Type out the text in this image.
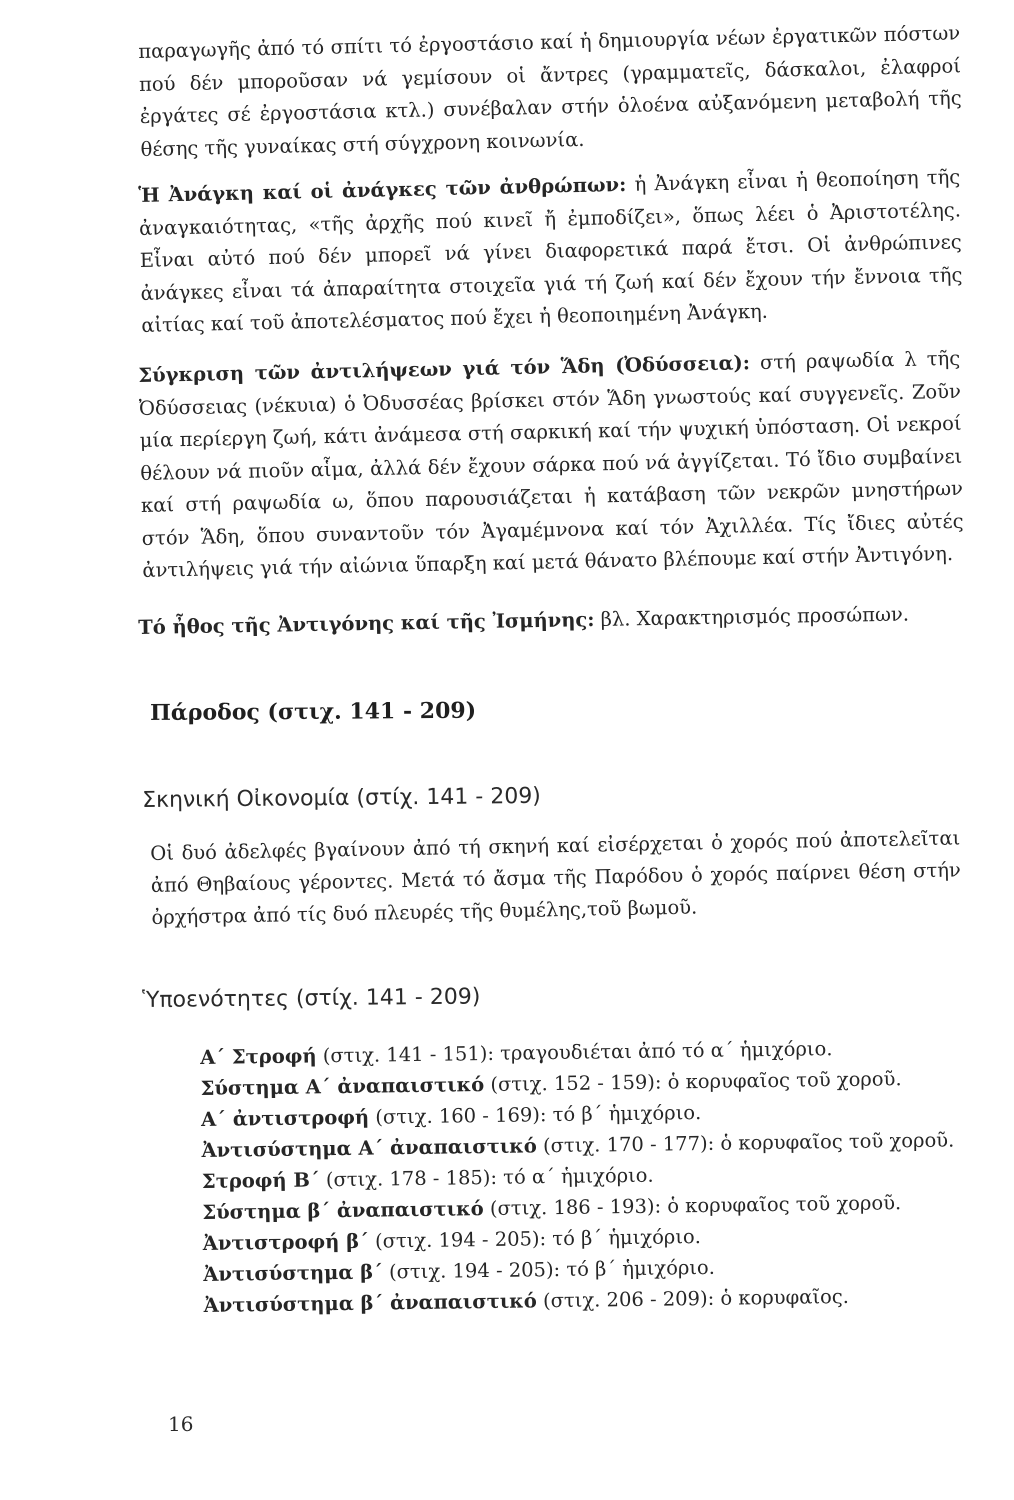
παραγωγῆς ἀπό τό σπίτι τό ἐργοστάσιο καί ἡ δημιουργία νέων ἐργατικῶν πόστων πού δέν μποροῦσαν νά γεμίσουν οἱ ἄντρες (γραμματεῖς, δάσκαλοι, ἐλαφροί ἐργάτες σέ ἐργοστάσια κτλ.) συνέβαλαν στήν ὁλοένα αὐξανόμενη μεταβολή τῆς θέσης τῆς γυναίκας στή σύγχρονη κοινωνία.

Ἡ Ἀνάγκη καί οἱ ἀνάγκες τῶν ἀνθρώπων: ἡ Ἀνάγκη εἶναι ἡ θεοποίηση τῆς ἀναγκαιότητας, «τῆς ἀρχῆς πού κινεῖ ἤ ἐμποδίζει», ὅπως λέει ὁ Ἀριστοτέλης. Εἶναι αὐτό πού δέν μπορεῖ νά γίνει διαφορετικά παρά ἔτσι. Οἱ ἀνθρώπινες ἀνάγκες εἶναι τά ἀπαραίτητα στοιχεῖα γιά τή ζωή καί δέν ἔχουν τήν ἔννοια τῆς αἰτίας καί τοῦ ἀποτελέσματος πού ἔχει ἡ θεοποιημένη Ἀνάγκη.

Σύγκριση τῶν ἀντιλήψεων γιά τόν Ἅδη (Ὀδύσσεια): στή ραψωδία λ τῆς Ὀδύσσειας (νέκυια) ὁ Ὀδυσσέας βρίσκει στόν Ἅδη γνωστούς καί συγγενεῖς. Ζοῦν μία περίεργη ζωή, κάτι ἀνάμεσα στή σαρκική καί τήν ψυχική ὑπόσταση. Οἱ νεκροί θέλουν νά πιοῦν αἷμα, ἀλλά δέν ἔχουν σάρκα πού νά ἀγγίζεται. Τό ἴδιο συμβαίνει καί στή ραψωδία ω, ὅπου παρουσιάζεται ἡ κατάβαση τῶν νεκρῶν μνηστήρων στόν Ἅδη, ὅπου συναντοῦν τόν Ἀγαμέμνονα καί τόν Ἀχιλλέα. Τίς ἴδιες αὐτές ἀντιλήψεις γιά τήν αἰώνια ὕπαρξη καί μετά θάνατο βλέπουμε καί στήν Ἀντιγόνη.

Τό ἦθος τῆς Ἀντιγόνης καί τῆς Ἰσμήνης: βλ. Χαρακτηρισμός προσώπων.

Πάροδος (στιχ. 141 - 209)
Σκηνική Οἰκονομία (στίχ. 141 - 209)

Οἱ δυό ἀδελφές βγαίνουν ἀπό τή σκηνή καί εἰσέρχεται ὁ χορός πού ἀποτελεῖται ἀπό Θηβαίους γέροντες. Μετά τό ἄσμα τῆς Παρόδου ὁ χορός παίρνει θέση στήν ὀρχήστρα ἀπό τίς δυό πλευρές τῆς θυμέλης,τοῦ βωμοῦ.

Ὑποενότητες (στίχ. 141 - 209)
Α΄ Στροφή (στιχ. 141 - 151): τραγουδιέται ἀπό τό α΄ ἡμιχόριο.
Σύστημα Α΄ ἀναπαιστικό (στιχ. 152 - 159): ὁ κορυφαῖος τοῦ χοροῦ.
Α΄ ἀντιστροφή (στιχ. 160 - 169): τό β΄ ἡμιχόριο.
Ἀντισύστημα Α΄ ἀναπαιστικό (στιχ. 170 - 177): ὁ κορυφαῖος τοῦ χοροῦ.
Στροφή Β΄ (στιχ. 178 - 185): τό α΄ ἡμιχόριο.
Σύστημα β΄ ἀναπαιστικό (στιχ. 186 - 193): ὁ κορυφαῖος τοῦ χοροῦ.
Ἀντιστροφή β΄ (στιχ. 194 - 205): τό β΄ ἡμιχόριο.
Ἀντισύστημα β΄ (στιχ. 194 - 205): τό β΄ ἡμιχόριο.
Ἀντισύστημα β΄ ἀναπαιστικό (στιχ. 206 - 209): ὁ κορυφαῖος.

16
